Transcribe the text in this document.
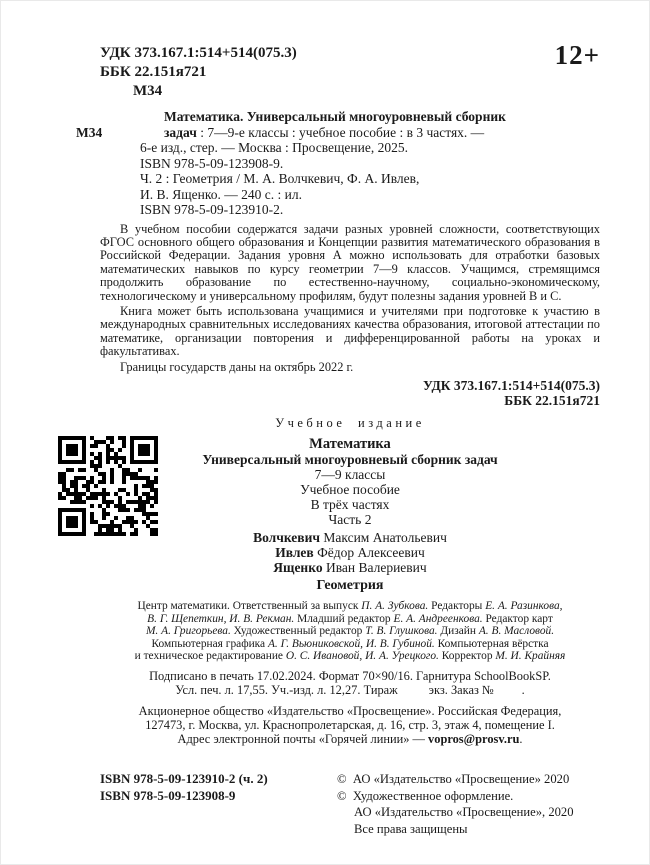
УДК 373.167.1:514+514(075.3)
ББК 22.151я721
М34
12+
Математика. Универсальный многоуровневый сборник
М34	задач : 7—9-е классы : учебное пособие : в 3 частях. —
6-е изд., стер. — Москва : Просвещение, 2025.
ISBN 978-5-09-123908-9.
Ч. 2 : Геометрия / М. А. Волчкевич, Ф. А. Ивлев,
И. В. Ященко. — 240 с. : ил.
ISBN 978-5-09-123910-2.

В учебном пособии содержатся задачи разных уровней сложности, соответствующих ФГОС основного общего образования и Концепции развития математического образования в Российской Федерации. Задания уровня А можно использовать для отработки базовых математических навыков по курсу геометрии 7—9 классов. Учащимся, стремящимся продолжить образование по естественно-научному, социально-экономическому, технологическому и универсальному профилям, будут полезны задания уровней В и С.

Книга может быть использована учащимися и учителями при подготовке к участию в международных сравнительных исследованиях качества образования, итоговой аттестации по математике, организации повторения и дифференцированной работы на уроках и факультативах.

Границы государств даны на октябрь 2022 г.

УДК 373.167.1:514+514(075.3)
ББК 22.151я721
Учебное издание
Математика
Универсальный многоуровневый сборник задач
7—9 классы
Учебное пособие
В трёх частях
Часть 2
Волчкевич Максим Анатольевич
Ивлев Фёдор Алексеевич
Ященко Иван Валериевич
Геометрия
Центр математики. Ответственный за выпуск П. А. Зубкова. Редакторы Е. А. Разинкова,
В. Г. Щепеткин, И. В. Рекман. Младший редактор Е. А. Андреенкова. Редактор карт
М. А. Григорьева. Художественный редактор Т. В. Глушкова. Дизайн А. В. Масловой.
Компьютерная графика А. Г. Вьюниковской, И. В. Губиной. Компьютерная вёрстка
и техническое редактирование О. С. Ивановой, И. А. Урецкого. Корректор М. И. Крайняя
Подписано в печать 17.02.2024. Формат 70×90/16. Гарнитура SchoolBookSP.
Усл. печ. л. 17,55. Уч.-изд. л. 12,27. Тираж          экз. Заказ №         .
Акционерное общество «Издательство «Просвещение». Российская Федерация,
127473, г. Москва, ул. Краснопролетарская, д. 16, стр. 3, этаж 4, помещение I.
Адрес электронной почты «Горячей линии» — vopros@prosv.ru.
ISBN 978-5-09-123910-2 (ч. 2)
ISBN 978-5-09-123908-9
©  АО «Издательство «Просвещение» 2020
©  Художественное оформление.
АО «Издательство «Просвещение», 2020
Все права защищены
